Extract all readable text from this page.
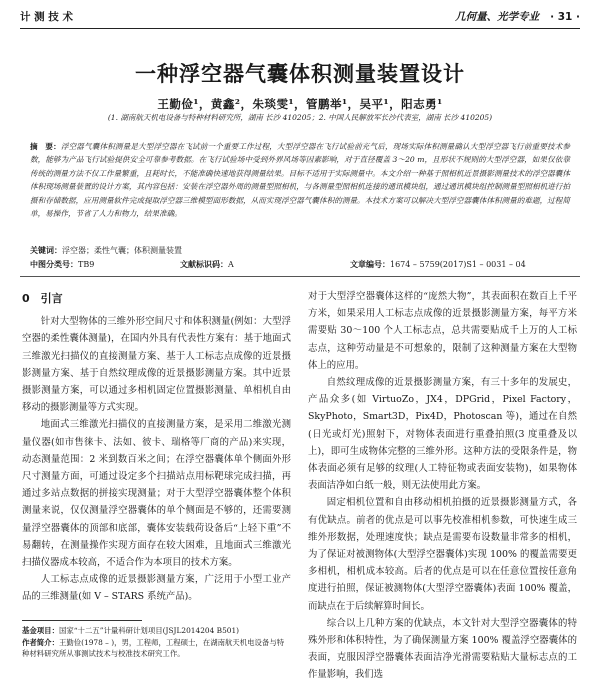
计 测 技 术	几何量、光学专业 · 31 ·
一种浮空器气囊体积测量装置设计
王勤俭¹，黄鑫²，朱琰雯¹，管鹏举¹，吴平¹，阳志勇¹
(1. 湖南航天机电设备与特种材料研究所，湖南 长沙 410205；2. 中国人民解放军长沙代表室，湖南 长沙 410205)
摘　要：浮空器气囊体积测量是大型浮空器在飞试前一个重要工作过程，大型浮空器在飞行试验前充气后，现场实际体积测量确认大型浮空器飞行前重要技术参数，能够为产品飞行试验提供安全可靠参考数据。在飞行试验场中受到外界风场等因素影响，对于直径覆盖 3～20 m，且形状不规则的大型浮空器，如果仅依靠传统的测量方法不仅工作量繁重，且耗时长，不能准确快速地获得测量结果。目标不适用于实际测量中。本文介绍一种基于照相机近景摄影测量技术的浮空器囊体体积现场测量装置的设计方案，其内容包括：安装在浮空器外周的测量型照相机，与各测量型照相机连接的通讯模块组，通过通讯模块组控制测量型照相机进行拍摄和存储数据，应用测量软件完成提取浮空器三维模型面形数据，从而实现浮空器气囊体积的测量。本技术方案可以解决大型浮空器囊体体积测量的难题，过程简单，易操作，节省了人力和物力，结果准确。
关键词：浮空器；柔性气囊；体积测量装置
中图分类号：TB9	文献标识码：A	文章编号：1674 – 5759(2017)S1 – 0031 – 04
0　引言

针对大型物体的三维外形空间尺寸和体积测量(例如：大型浮空器的柔性囊体测量)，在国内外具有代表性方案有：基于地面式三维激光扫描仪的直接测量方案、基于人工标志点成像的近景摄影测量方案、基于自然纹理成像的近景摄影测量方案。其中近景摄影测量方案，可以通过多相机固定位置摄影测量、单相机自由移动的摄影测量等方式实现。

地面式三维激光扫描仪的直接测量方案，是采用二维激光测量仪器(如市售徕卡、法如、彼卡、瑞格等厂商的产品)来实现，动态测量范围：2 米到数百米之间；在浮空器囊体单个侧面外形尺寸测量方面，可通过设定多个扫描站点用标靶球完成扫描，再通过多站点数据的拼接实现测量；对于大型浮空器囊体整个体积测量来说，仅仅测量浮空器囊体的单个侧面是不够的，还需要测量浮空器囊体的顶部和底部，囊体安装载荷设备后“上轻下重”不易翻转，在测量操作实现方面存在较大困难，且地面式三维激光扫描仪器成本较高，不适合作为本项目的技术方案。

人工标志点成像的近景摄影测量方案，广泛用于小型工业产品的三维测量(如 V – STARS 系统产品)。

对于大型浮空器囊体这样的“庞然大物”，其表面积在数百上千平方米，如果采用人工标志点成像的近景摄影测量方案，每平方米需要贴 30～100 个人工标志点，总共需要贴成千上万的人工标志点，这种劳动量是不可想象的，限制了这种测量方案在大型物体上的应用。

自然纹理成像的近景摄影测量方案，有三十多年的发展史，产品众多(如 VirtuoZo，JX4，DPGrid，Pixel Factory，SkyPhoto，Smart3D，Pix4D，Photoscan 等)，通过在自然(日光或灯光)照射下，对物体表面进行重叠拍照(3 度重叠及以上)，即可生成物体完整的三维外形。这种方法的受限条件是，物体表面必须有足够的纹理(人工特征物或表面安装物)，如果物体表面洁净如白纸一般，则无法使用此方案。

固定相机位置和自由移动相机拍摄的近景摄影测量方式，各有优缺点。前者的优点是可以事先校准相机参数，可快速生成三维外形数据，处理速度快；缺点是需要布设数量非常多的相机，为了保证对被测物体(大型浮空器囊体)实现 100% 的覆盖需要更多相机，相机成本较高。后者的优点是可以在任意位置按任意角度进行拍照，保证被测物体(大型浮空器囊体)表面 100% 覆盖，而缺点在于后续解算时间长。

综合以上几种方案的优缺点，本文针对大型浮空器囊体的特殊外形和体积特性，为了确保测量方案 100% 覆盖浮空器囊体的表面，克服因浮空器囊体表面洁净光滑需要粘贴大量标志点的工作量影响，我们选

基金项目：国家“十二五”计量科研计划项目(JSJL2014204 B501)
作者简介：王勤俭(1978 – )，男，工程师，工程硕士，在湖南航天机电设备与特种材料研究所从事测试技术与校准技术研究工作。
